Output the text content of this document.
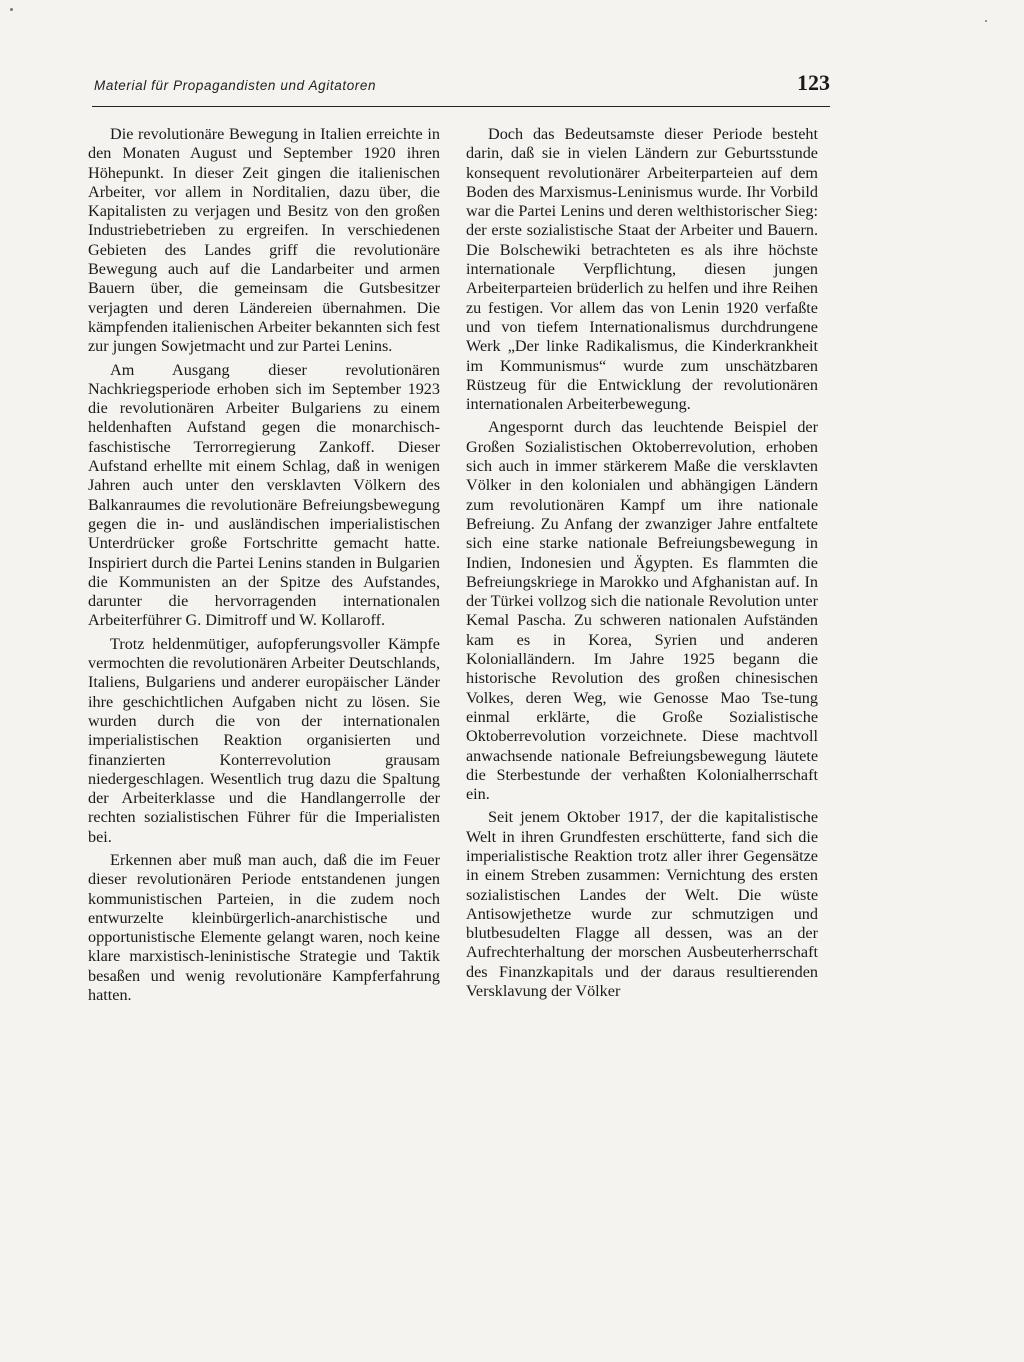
Material für Propagandisten und Agitatoren	123

Die revolutionäre Bewegung in Italien erreichte in den Monaten August und September 1920 ihren Höhepunkt. In dieser Zeit gingen die italienischen Arbeiter, vor allem in Norditalien, dazu über, die Kapitalisten zu verjagen und Besitz von den großen Industriebetrieben zu ergreifen. In verschiedenen Gebieten des Landes griff die revolutionäre Bewegung auch auf die Landarbeiter und armen Bauern über, die gemeinsam die Gutsbesitzer verjagten und deren Ländereien übernahmen. Die kämpfenden italienischen Arbeiter bekannten sich fest zur jungen Sowjetmacht und zur Partei Lenins.

Am Ausgang dieser revolutionären Nachkriegsperiode erhoben sich im September 1923 die revolutionären Arbeiter Bulgariens zu einem heldenhaften Aufstand gegen die monarchisch-faschistische Terrorregierung Zankoff. Dieser Aufstand erhellte mit einem Schlag, daß in wenigen Jahren auch unter den versklavten Völkern des Balkanraumes die revolutionäre Befreiungsbewegung gegen die in- und ausländischen imperialistischen Unterdrücker große Fortschritte gemacht hatte. Inspiriert durch die Partei Lenins standen in Bulgarien die Kommunisten an der Spitze des Aufstandes, darunter die hervorragenden internationalen Arbeiterführer G. Dimitroff und W. Kollaroff.

Trotz heldenmütiger, aufopferungsvoller Kämpfe vermochten die revolutionären Arbeiter Deutschlands, Italiens, Bulgariens und anderer europäischer Länder ihre geschichtlichen Aufgaben nicht zu lösen. Sie wurden durch die von der internationalen imperialistischen Reaktion organisierten und finanzierten Konterrevolution grausam niedergeschlagen. Wesentlich trug dazu die Spaltung der Arbeiterklasse und die Handlangerrolle der rechten sozialistischen Führer für die Imperialisten bei.

Erkennen aber muß man auch, daß die im Feuer dieser revolutionären Periode entstandenen jungen kommunistischen Parteien, in die zudem noch entwurzelte kleinbürgerlich-anarchistische und opportunistische Elemente gelangt waren, noch keine klare marxistisch-leninistische Strategie und Taktik besaßen und wenig revolutionäre Kampferfahrung hatten.

Doch das Bedeutsamste dieser Periode besteht darin, daß sie in vielen Ländern zur Geburtsstunde konsequent revolutionärer Arbeiterparteien auf dem Boden des Marxismus-Leninismus wurde. Ihr Vorbild war die Partei Lenins und deren welthistorischer Sieg: der erste sozialistische Staat der Arbeiter und Bauern. Die Bolschewiki betrachteten es als ihre höchste internationale Verpflichtung, diesen jungen Arbeiterparteien brüderlich zu helfen und ihre Reihen zu festigen. Vor allem das von Lenin 1920 verfaßte und von tiefem Internationalismus durchdrungene Werk „Der linke Radikalismus, die Kinderkrankheit im Kommunismus“ wurde zum unschätzbaren Rüstzeug für die Entwicklung der revolutionären internationalen Arbeiterbewegung.

Angespornt durch das leuchtende Beispiel der Großen Sozialistischen Oktoberrevolution, erhoben sich auch in immer stärkerem Maße die versklavten Völker in den kolonialen und abhängigen Ländern zum revolutionären Kampf um ihre nationale Befreiung. Zu Anfang der zwanziger Jahre entfaltete sich eine starke nationale Befreiungsbewegung in Indien, Indonesien und Ägypten. Es flammten die Befreiungskriege in Marokko und Afghanistan auf. In der Türkei vollzog sich die nationale Revolution unter Kemal Pascha. Zu schweren nationalen Aufständen kam es in Korea, Syrien und anderen Kolonialländern. Im Jahre 1925 begann die historische Revolution des großen chinesischen Volkes, deren Weg, wie Genosse Mao Tse-tung einmal erklärte, die Große Sozialistische Oktoberrevolution vorzeichnete. Diese machtvoll anwachsende nationale Befreiungsbewegung läutete die Sterbestunde der verhaßten Kolonialherrschaft ein.

Seit jenem Oktober 1917, der die kapitalistische Welt in ihren Grundfesten erschütterte, fand sich die imperialistische Reaktion trotz aller ihrer Gegensätze in einem Streben zusammen: Vernichtung des ersten sozialistischen Landes der Welt. Die wüste Antisowjethetze wurde zur schmutzigen und blutbesudelten Flagge all dessen, was an der Aufrechterhaltung der morschen Ausbeuterherrschaft des Finanzkapitals und der daraus resultierenden Versklavung der Völker
